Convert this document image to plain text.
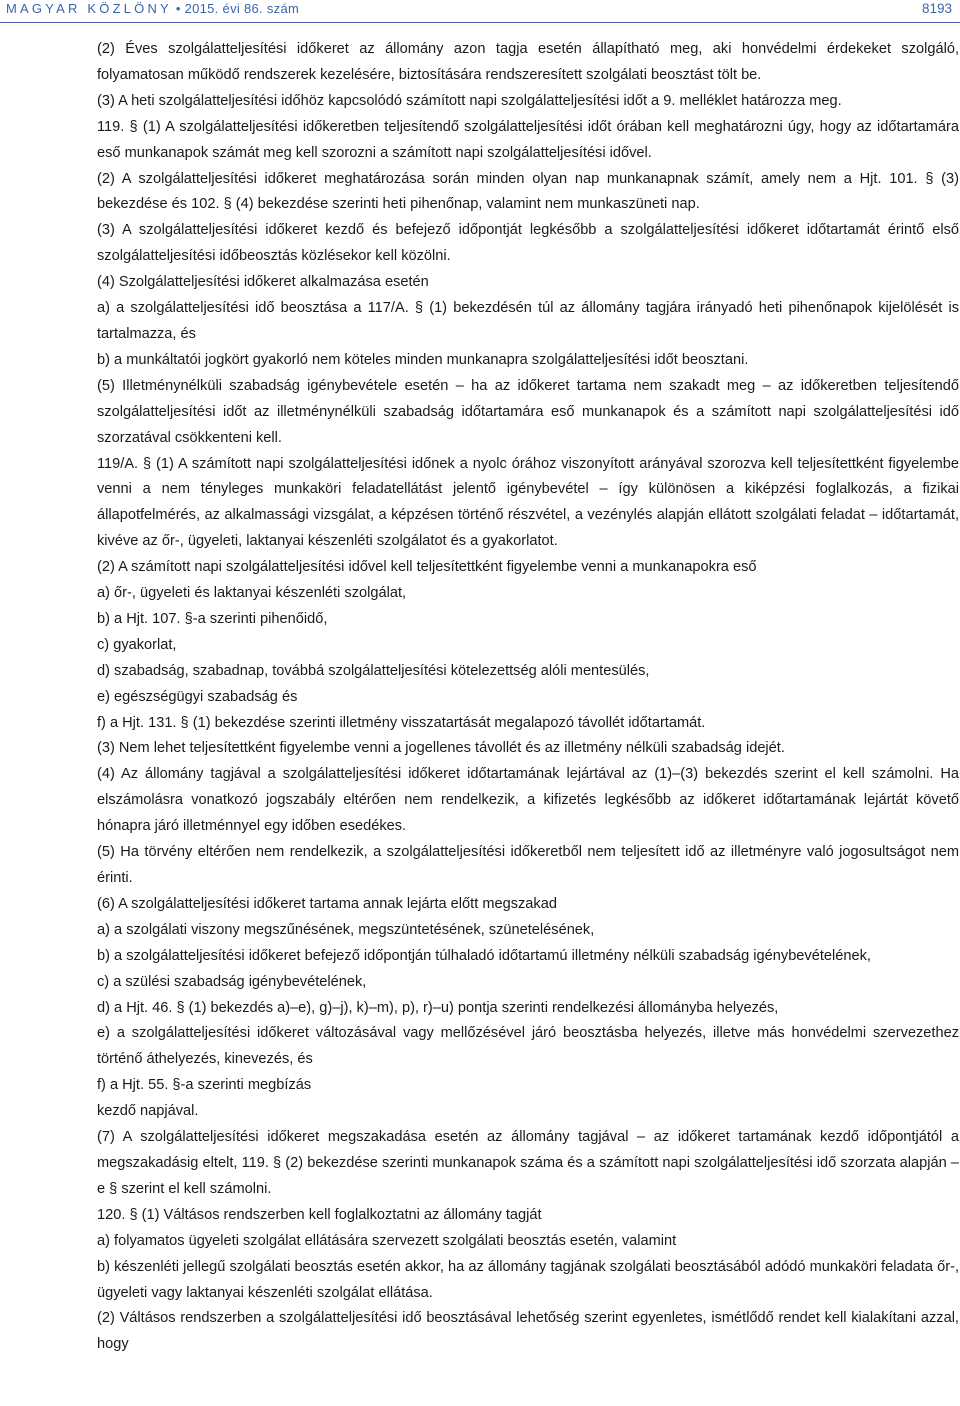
MAGYAR KÖZLÖNY • 2015. évi 86. szám	8193

(2) Éves szolgálatteljesítési időkeret az állomány azon tagja esetén állapítható meg, aki honvédelmi érdekeket szolgáló, folyamatosan működő rendszerek kezelésére, biztosítására rendszeresített szolgálati beosztást tölt be.

(3) A heti szolgálatteljesítési időhöz kapcsolódó számított napi szolgálatteljesítési időt a 9. melléklet határozza meg.

119. § (1) A szolgálatteljesítési időkeretben teljesítendő szolgálatteljesítési időt órában kell meghatározni úgy, hogy az időtartamára eső munkanapok számát meg kell szorozni a számított napi szolgálatteljesítési idővel.

(2) A szolgálatteljesítési időkeret meghatározása során minden olyan nap munkanapnak számít, amely nem a Hjt. 101. § (3) bekezdése és 102. § (4) bekezdése szerinti heti pihenőnap, valamint nem munkaszüneti nap.

(3) A szolgálatteljesítési időkeret kezdő és befejező időpontját legkésőbb a szolgálatteljesítési időkeret időtartamát érintő első szolgálatteljesítési időbeosztás közlésekor kell közölni.

(4) Szolgálatteljesítési időkeret alkalmazása esetén

a) a szolgálatteljesítési idő beosztása a 117/A. § (1) bekezdésén túl az állomány tagjára irányadó heti pihenőnapok kijelölését is tartalmazza, és

b) a munkáltatói jogkört gyakorló nem köteles minden munkanapra szolgálatteljesítési időt beosztani.

(5) Illetménynélküli szabadság igénybevétele esetén – ha az időkeret tartama nem szakadt meg – az időkeretben teljesítendő szolgálatteljesítési időt az illetménynélküli szabadság időtartamára eső munkanapok és a számított napi szolgálatteljesítési idő szorzatával csökkenteni kell.

119/A. § (1) A számított napi szolgálatteljesítési időnek a nyolc órához viszonyított arányával szorozva kell teljesítettként figyelembe venni a nem tényleges munkaköri feladatellátást jelentő igénybevétel – így különösen a kiképzési foglalkozás, a fizikai állapotfelmérés, az alkalmassági vizsgálat, a képzésen történő részvétel, a vezénylés alapján ellátott szolgálati feladat – időtartamát, kivéve az őr-, ügyeleti, laktanyai készenléti szolgálatot és a gyakorlatot.

(2) A számított napi szolgálatteljesítési idővel kell teljesítettként figyelembe venni a munkanapokra eső

a) őr-, ügyeleti és laktanyai készenléti szolgálat,

b) a Hjt. 107. §-a szerinti pihenőidő,

c) gyakorlat,

d) szabadság, szabadnap, továbbá szolgálatteljesítési kötelezettség alóli mentesülés,

e) egészségügyi szabadság és

f) a Hjt. 131. § (1) bekezdése szerinti illetmény visszatartását megalapozó távollét időtartamát.

(3) Nem lehet teljesítettként figyelembe venni a jogellenes távollét és az illetmény nélküli szabadság idejét.

(4) Az állomány tagjával a szolgálatteljesítési időkeret időtartamának lejártával az (1)–(3) bekezdés szerint el kell számolni. Ha elszámolásra vonatkozó jogszabály eltérően nem rendelkezik, a kifizetés legkésőbb az időkeret időtartamának lejártát követő hónapra járó illetménnyel egy időben esedékes.

(5) Ha törvény eltérően nem rendelkezik, a szolgálatteljesítési időkeretből nem teljesített idő az illetményre való jogosultságot nem érinti.

(6) A szolgálatteljesítési időkeret tartama annak lejárta előtt megszakad

a) a szolgálati viszony megszűnésének, megszüntetésének, szünetelésének,

b) a szolgálatteljesítési időkeret befejező időpontján túlhaladó időtartamú illetmény nélküli szabadság igénybevételének,

c) a szülési szabadság igénybevételének,

d) a Hjt. 46. § (1) bekezdés a)–e), g)–j), k)–m), p), r)–u) pontja szerinti rendelkezési állományba helyezés,

e) a szolgálatteljesítési időkeret változásával vagy mellőzésével járó beosztásba helyezés, illetve más honvédelmi szervezethez történő áthelyezés, kinevezés, és

f) a Hjt. 55. §-a szerinti megbízás

kezdő napjával.

(7) A szolgálatteljesítési időkeret megszakadása esetén az állomány tagjával – az időkeret tartamának kezdő időpontjától a megszakadásig eltelt, 119. § (2) bekezdése szerinti munkanapok száma és a számított napi szolgálatteljesítési idő szorzata alapján – e § szerint el kell számolni.

120. § (1) Váltásos rendszerben kell foglalkoztatni az állomány tagját

a) folyamatos ügyeleti szolgálat ellátására szervezett szolgálati beosztás esetén, valamint

b) készenléti jellegű szolgálati beosztás esetén akkor, ha az állomány tagjának szolgálati beosztásából adódó munkaköri feladata őr-, ügyeleti vagy laktanyai készenléti szolgálat ellátása.

(2) Váltásos rendszerben a szolgálatteljesítési idő beosztásával lehetőség szerint egyenletes, ismétlődő rendet kell kialakítani azzal, hogy
